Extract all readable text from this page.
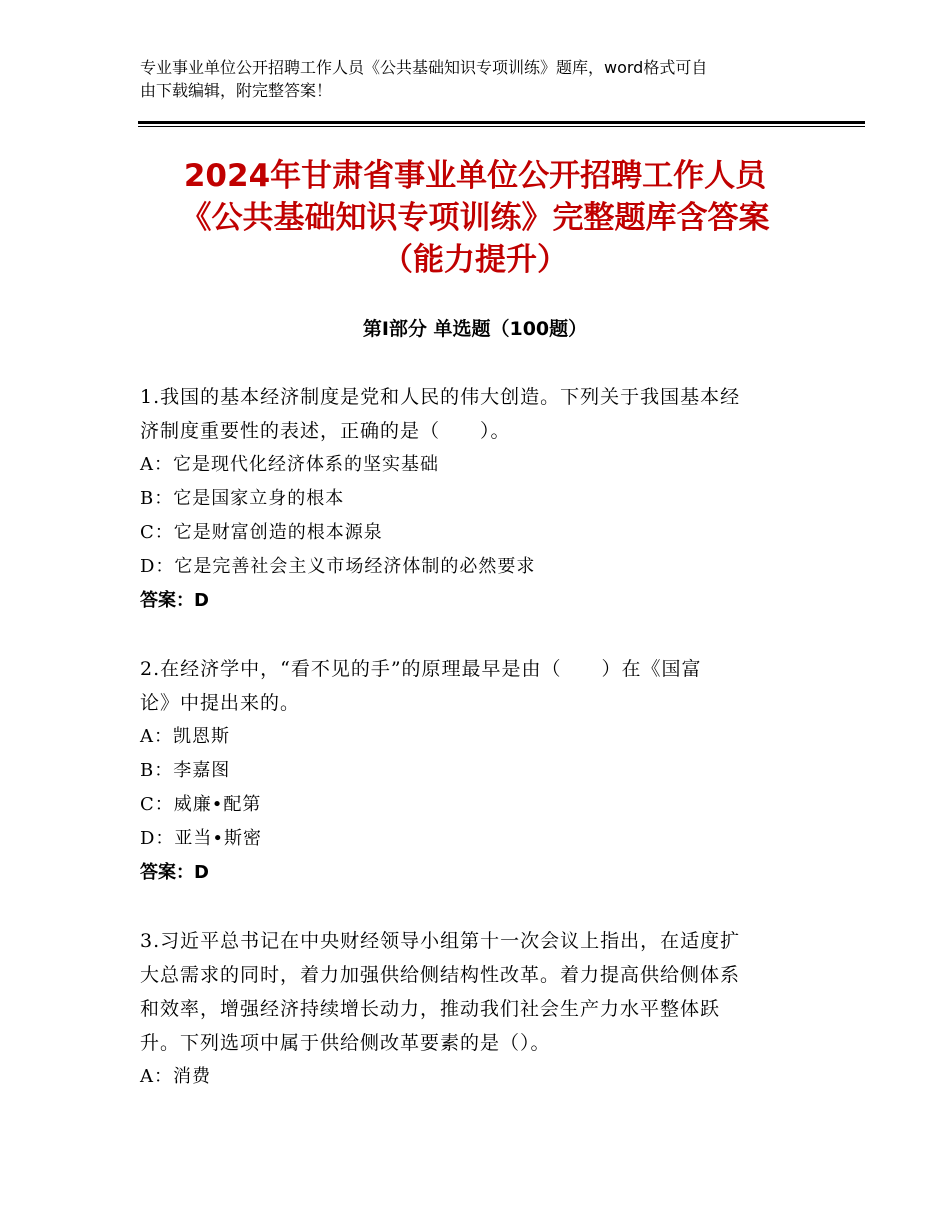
专业事业单位公开招聘工作人员《公共基础知识专项训练》题库，word格式可自
由下载编辑，附完整答案！
2024年甘肃省事业单位公开招聘工作人员
《公共基础知识专项训练》完整题库含答案
（能力提升）
第Ⅰ部分 单选题（100题）
1.我国的基本经济制度是党和人民的伟大创造。下列关于我国基本经
济制度重要性的表述，正确的是（　　）。
A：它是现代化经济体系的坚实基础
B：它是国家立身的根本
C：它是财富创造的根本源泉
D：它是完善社会主义市场经济体制的必然要求
答案：D
2.在经济学中，“看不见的手”的原理最早是由（　　）在《国富
论》中提出来的。
A：凯恩斯
B：李嘉图
C：威廉•配第
D：亚当•斯密
答案：D
3.习近平总书记在中央财经领导小组第十一次会议上指出，在适度扩
大总需求的同时，着力加强供给侧结构性改革。着力提高供给侧体系
和效率，增强经济持续增长动力，推动我们社会生产力水平整体跃
升。下列选项中属于供给侧改革要素的是（）。
A：消费
